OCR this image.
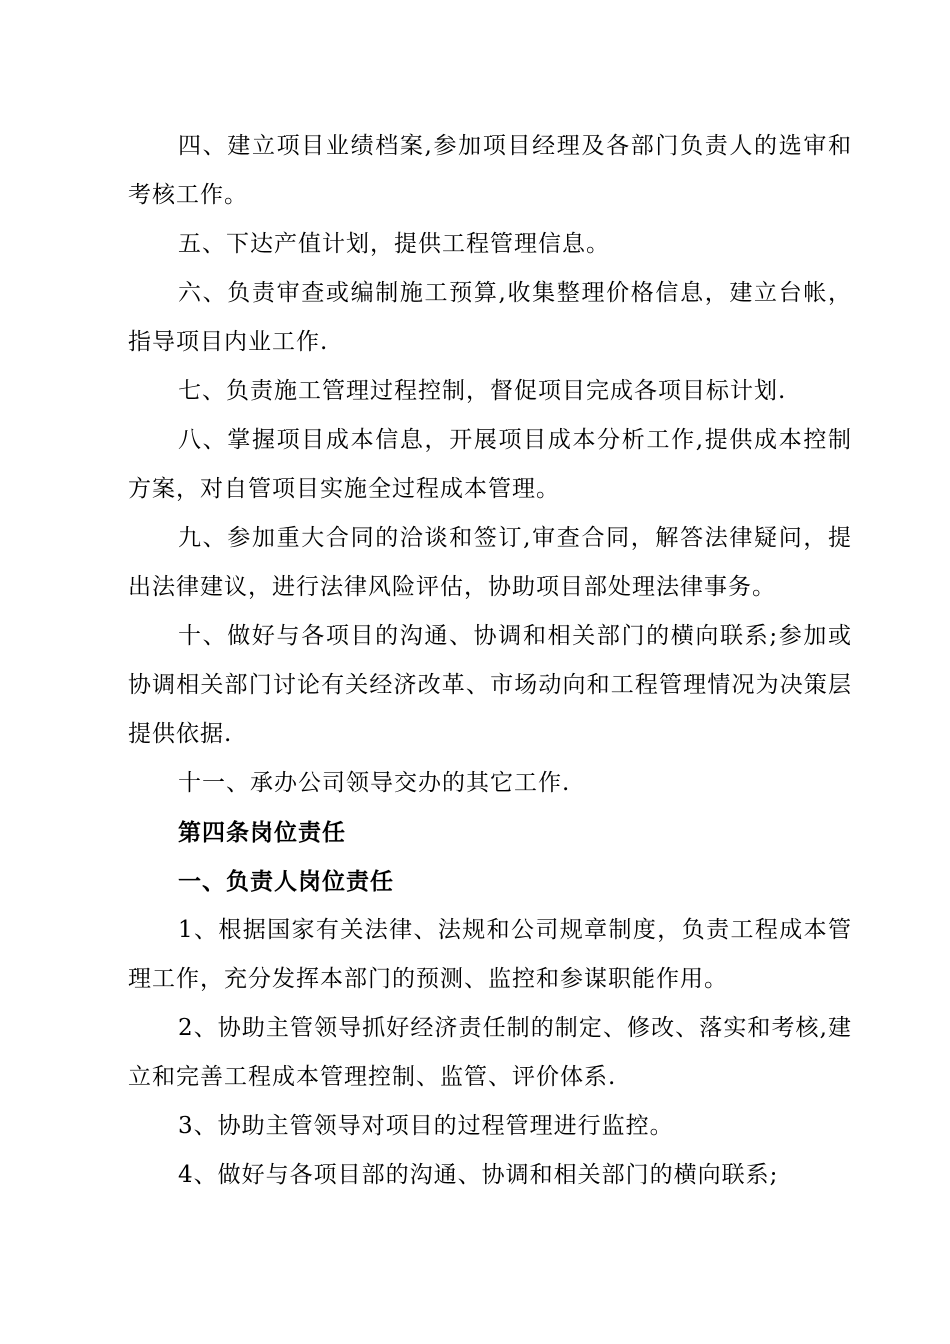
四、建立项目业绩档案,参加项目经理及各部门负责人的选审和考核工作。

五、下达产值计划，提供工程管理信息。

六、负责审查或编制施工预算,收集整理价格信息，建立台帐，指导项目内业工作.

七、负责施工管理过程控制，督促项目完成各项目标计划.

八、掌握项目成本信息，开展项目成本分析工作,提供成本控制方案，对自管项目实施全过程成本管理。

九、参加重大合同的洽谈和签订,审查合同，解答法律疑问，提出法律建议，进行法律风险评估，协助项目部处理法律事务。

十、做好与各项目的沟通、协调和相关部门的横向联系;参加或协调相关部门讨论有关经济改革、市场动向和工程管理情况为决策层提供依据.

十一、承办公司领导交办的其它工作.

第四条岗位责任

一、负责人岗位责任

1、根据国家有关法律、法规和公司规章制度，负责工程成本管理工作，充分发挥本部门的预测、监控和参谋职能作用。

2、协助主管领导抓好经济责任制的制定、修改、落实和考核,建立和完善工程成本管理控制、监管、评价体系.

3、协助主管领导对项目的过程管理进行监控。

4、做好与各项目部的沟通、协调和相关部门的横向联系;
